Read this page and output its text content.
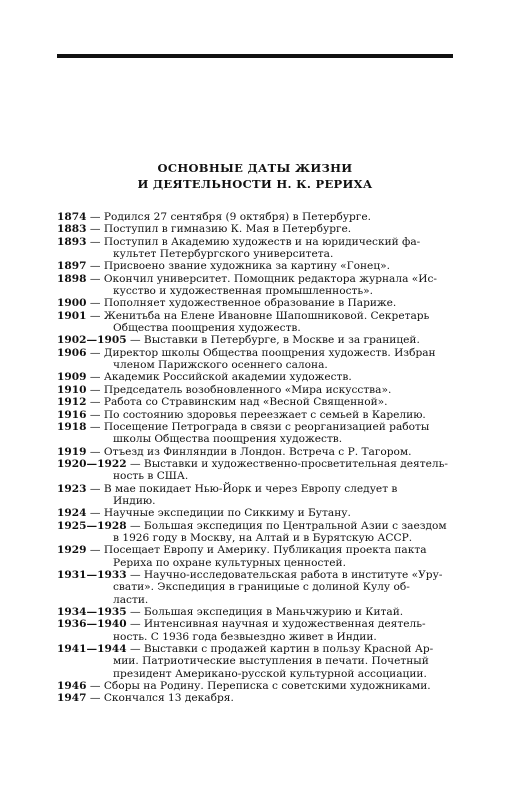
ОСНОВНЫЕ ДАТЫ ЖИЗНИ
И ДЕЯТЕЛЬНОСТИ Н. К. РЕРИХА
1874 — Родился 27 сентября (9 октября) в Петербурге.
1883 — Поступил в гимназию К. Мая в Петербурге.
1893 — Поступил в Академию художеств и на юридический фа-
культет Петербургского университета.
1897 — Присвоено звание художника за картину «Гонец».
1898 — Окончил университет. Помощник редактора журнала «Ис-
кусство и художественная промышленность».
1900 — Пополняет художественное образование в Париже.
1901 — Женитьба на Елене Ивановне Шапошниковой. Секретарь
Общества поощрения художеств.
1902—1905 — Выставки в Петербурге, в Москве и за границей.
1906 — Директор школы Общества поощрения художеств. Избран
членом Парижского осеннего салона.
1909 — Академик Российской академии художеств.
1910 — Председатель возобновленного «Мира искусства».
1912 — Работа со Стравинским над «Весной Священной».
1916 — По состоянию здоровья переезжает с семьей в Карелию.
1918 — Посещение Петрограда в связи с реорганизацией работы
школы Общества поощрения художеств.
1919 — Отъезд из Финляндии в Лондон. Встреча с Р. Тагором.
1920—1922 — Выставки и художественно-просветительная деятель-
ность в США.
1923 — В мае покидает Нью-Йорк и через Европу следует в
Индию.
1924 — Научные экспедиции по Сиккиму и Бутану.
1925—1928 — Большая экспедиция по Центральной Азии с заездом
в 1926 году в Москву, на Алтай и в Бурятскую АССР.
1929 — Посещает Европу и Америку. Публикация проекта пакта
Рериха по охране культурных ценностей.
1931—1933 — Научно-исследовательская работа в институте «Уру-
свати». Экспедиция в границиые с долиной Кулу об-
ласти.
1934—1935 — Большая экспедиция в Маньчжурию и Китай.
1936—1940 — Интенсивная научная и художественная деятель-
ность. С 1936 года безвыездно живет в Индии.
1941—1944 — Выставки с продажей картин в пользу Красной Ар-
мии. Патриотические выступления в печати. Почетный
президент Американо-русской культурной ассоциации.
1946 — Сборы на Родину. Переписка с советскими художниками.
1947 — Скончался 13 декабря.
